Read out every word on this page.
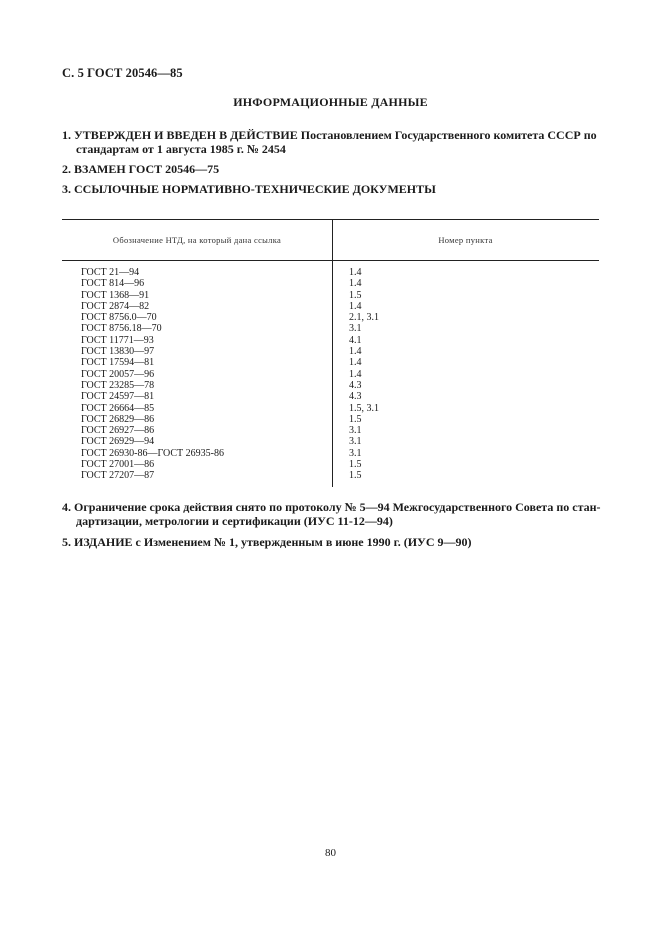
С. 5 ГОСТ 20546—85
ИНФОРМАЦИОННЫЕ ДАННЫЕ
1. УТВЕРЖДЕН И ВВЕДЕН В ДЕЙСТВИЕ Постановлением Государственного комитета СССР по
стандартам от 1 августа 1985 г. № 2454
2. ВЗАМЕН ГОСТ 20546—75
3. ССЫЛОЧНЫЕ НОРМАТИВНО-ТЕХНИЧЕСКИЕ ДОКУМЕНТЫ
Обозначение НТД, на который дана ссылка	Номер пункта
ГОСТ 21—94	1.4
ГОСТ 814—96	1.4
ГОСТ 1368—91	1.5
ГОСТ 2874—82	1.4
ГОСТ 8756.0—70	2.1, 3.1
ГОСТ 8756.18—70	3.1
ГОСТ 11771—93	4.1
ГОСТ 13830—97	1.4
ГОСТ 17594—81	1.4
ГОСТ 20057—96	1.4
ГОСТ 23285—78	4.3
ГОСТ 24597—81	4.3
ГОСТ 26664—85	1.5, 3.1
ГОСТ 26829—86	1.5
ГОСТ 26927—86	3.1
ГОСТ 26929—94	3.1
ГОСТ 26930-86—ГОСТ 26935-86	3.1
ГОСТ 27001—86	1.5
ГОСТ 27207—87	1.5
4. Ограничение срока действия снято по протоколу № 5—94 Межгосударственного Совета по стан-
дартизации, метрологии и сертификации (ИУС 11-12—94)
5. ИЗДАНИЕ с Изменением № 1, утвержденным в июне 1990 г. (ИУС 9—90)
80
